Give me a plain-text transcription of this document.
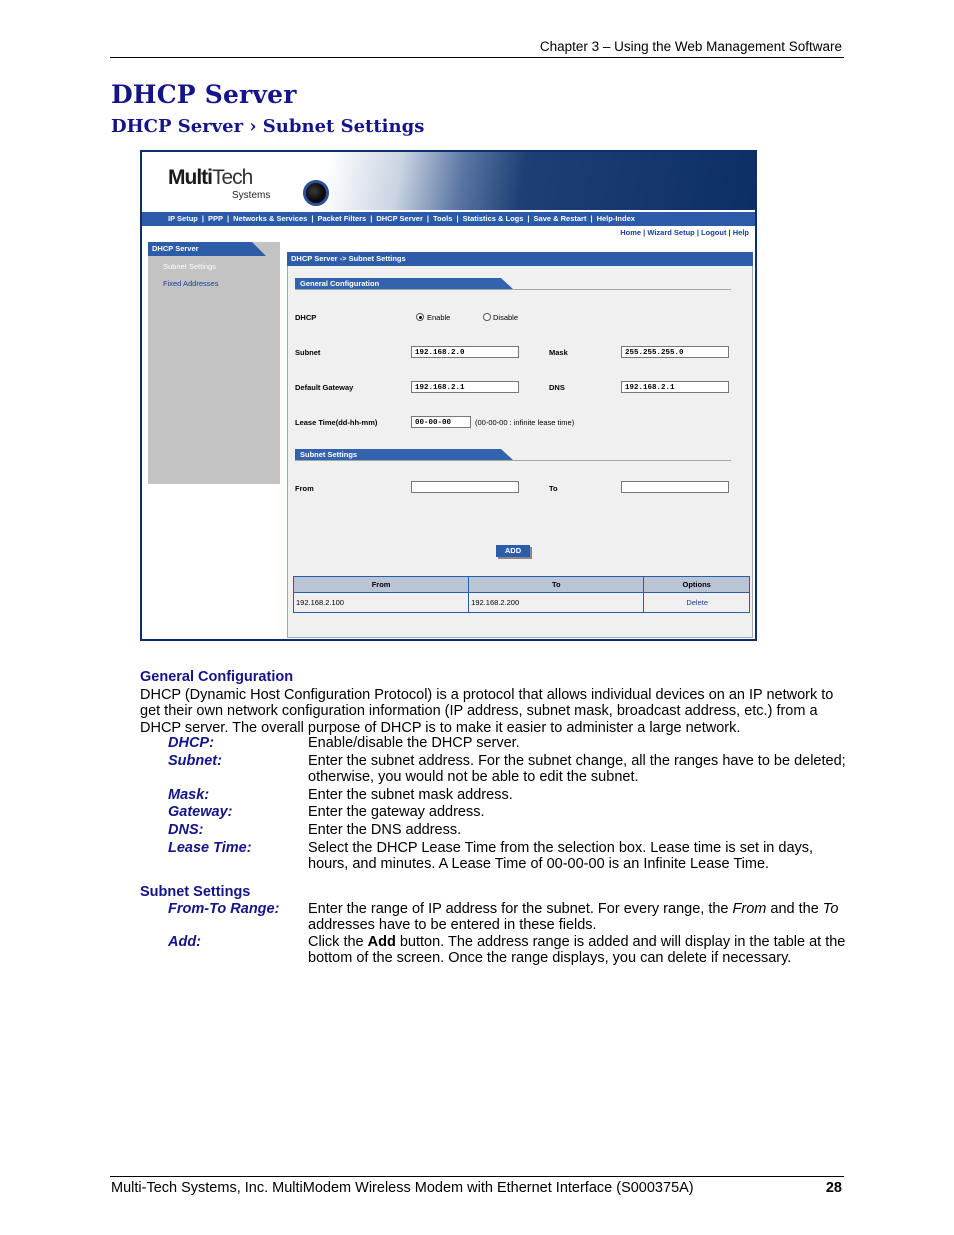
Chapter 3 – Using the Web Management Software
DHCP Server
DHCP Server › Subnet Settings
MultiTech
Systems
IP Setup | PPP | Networks & Services | Packet Filters | DHCP Server | Tools | Statistics & Logs | Save & Restart | Help-Index
Home | Wizard Setup | Logout | Help
DHCP Server
Subnet Settings
Fixed Addresses
DHCP Server -> Subnet Settings
General Configuration
DHCP	Enable	Disable
Subnet	192.168.2.0	Mask	255.255.255.0
Default Gateway	192.168.2.1	DNS	192.168.2.1
Lease Time(dd-hh-mm)	00-00-00	(00-00-00 : infinite lease time)
Subnet Settings
From	To
ADD
From	To	Options
192.168.2.100	192.168.2.200	Delete
General Configuration
DHCP (Dynamic Host Configuration Protocol) is a protocol that allows individual devices on an IP network to get their own network configuration information (IP address, subnet mask, broadcast address, etc.) from a DHCP server. The overall purpose of DHCP is to make it easier to administer a large network.
DHCP:	Enable/disable the DHCP server.
Subnet:	Enter the subnet address. For the subnet change, all the ranges have to be deleted; otherwise, you would not be able to edit the subnet.
Mask:	Enter the subnet mask address.
Gateway:	Enter the gateway address.
DNS:	Enter the DNS address.
Lease Time:	Select the DHCP Lease Time from the selection box. Lease time is set in days, hours, and minutes. A Lease Time of 00-00-00 is an Infinite Lease Time.
Subnet Settings
From-To Range: Enter the range of IP address for the subnet. For every range, the From and the To addresses have to be entered in these fields.
Add:	Click the Add button. The address range is added and will display in the table at the bottom of the screen. Once the range displays, you can delete if necessary.
Multi-Tech Systems, Inc. MultiModem Wireless Modem with Ethernet Interface (S000375A)	28
